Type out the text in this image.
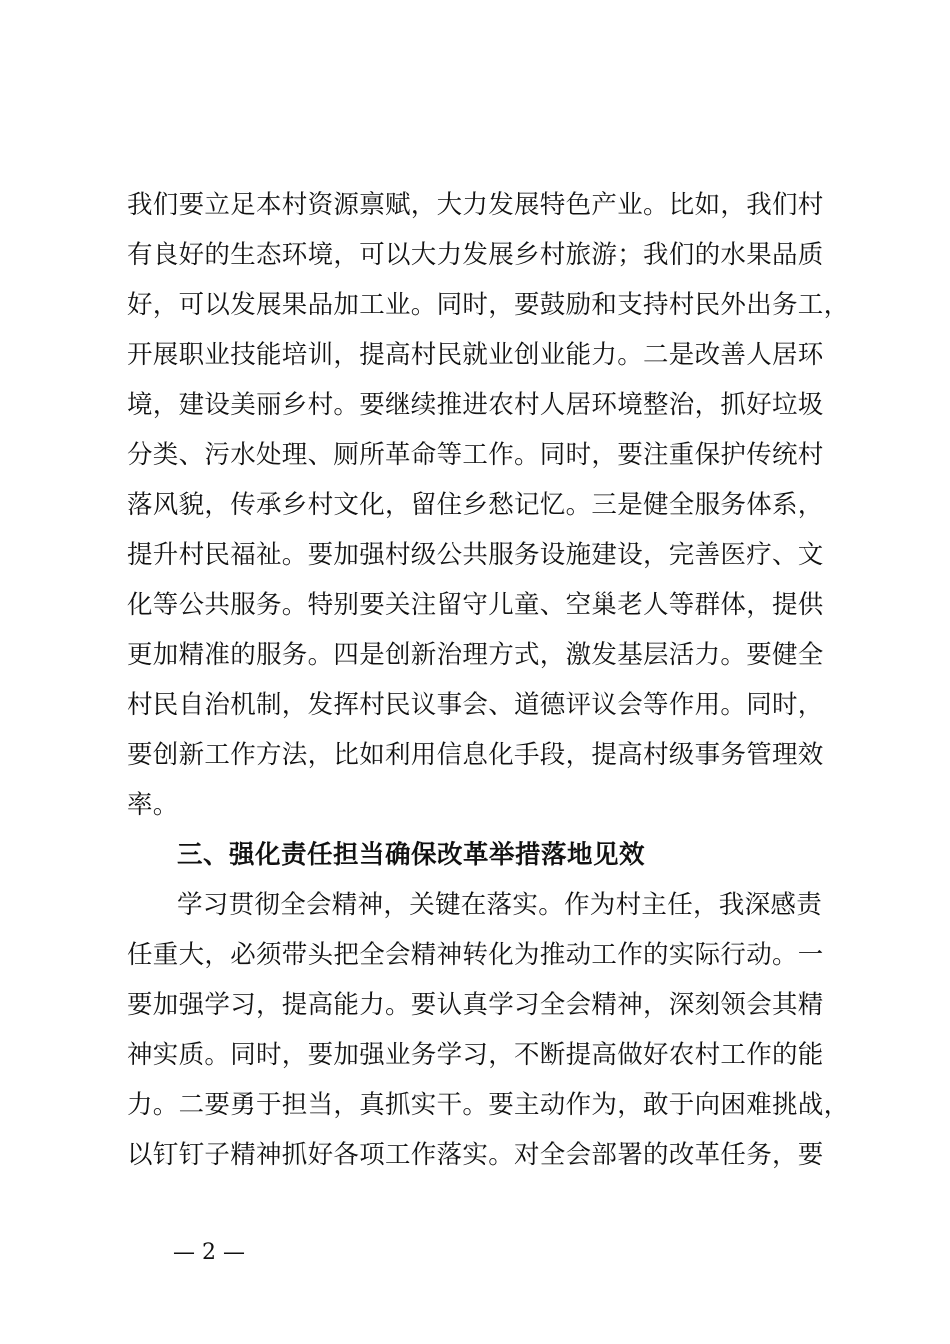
我们要立足本村资源禀赋，大力发展特色产业。比如，我们村
有良好的生态环境，可以大力发展乡村旅游；我们的水果品质
好，可以发展果品加工业。同时，要鼓励和支持村民外出务工，
开展职业技能培训，提高村民就业创业能力。二是改善人居环
境，建设美丽乡村。要继续推进农村人居环境整治，抓好垃圾
分类、污水处理、厕所革命等工作。同时，要注重保护传统村
落风貌，传承乡村文化，留住乡愁记忆。三是健全服务体系，
提升村民福祉。要加强村级公共服务设施建设，完善医疗、文
化等公共服务。特别要关注留守儿童、空巢老人等群体，提供
更加精准的服务。四是创新治理方式，激发基层活力。要健全
村民自治机制，发挥村民议事会、道德评议会等作用。同时，
要创新工作方法，比如利用信息化手段，提高村级事务管理效
率。
三、强化责任担当确保改革举措落地见效
学习贯彻全会精神，关键在落实。作为村主任，我深感责
任重大，必须带头把全会精神转化为推动工作的实际行动。一
要加强学习，提高能力。要认真学习全会精神，深刻领会其精
神实质。同时，要加强业务学习，不断提高做好农村工作的能
力。二要勇于担当，真抓实干。要主动作为，敢于向困难挑战，
以钉钉子精神抓好各项工作落实。对全会部署的改革任务，要
— 2 —
